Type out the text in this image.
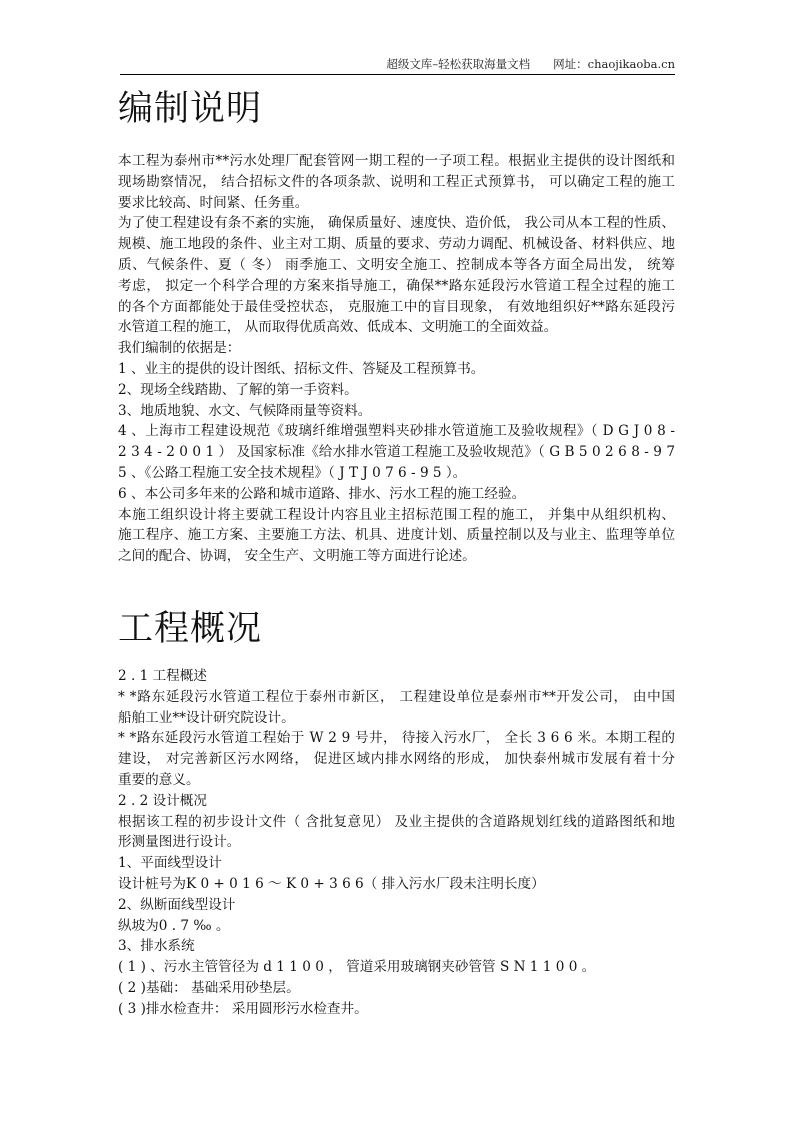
超级文库–轻松获取海量文档　　网址：chaojikaoba.cn
编制说明
本工程为泰州市**污水处理厂配套管网一期工程的一子项工程。根据业主提供的设计图纸和
现场勘察情况， 结合招标文件的各项条款、说明和工程正式预算书， 可以确定工程的施工
要求比较高、时间紧、任务重。
为了使工程建设有条不紊的实施， 确保质量好、速度快、造价低， 我公司从本工程的性质、
规模、施工地段的条件、业主对工期、质量的要求、劳动力调配、机械设备、材料供应、地
质、气候条件、夏（ 冬） 雨季施工、文明安全施工、控制成本等各方面全局出发， 统筹
考虑， 拟定一个科学合理的方案来指导施工，确保**路东延段污水管道工程全过程的施工
的各个方面都能处于最佳受控状态， 克服施工中的盲目现象， 有效地组织好**路东延段污
水管道工程的施工， 从而取得优质高效、低成本、文明施工的全面效益。
我们编制的依据是：
1 、业主的提供的设计图纸、招标文件、答疑及工程预算书。
2、现场全线踏勘、了解的第一手资料。
3、地质地貌、水文、气候降雨量等资料。
4 、上海市工程建设规范《玻璃纤维增强塑料夹砂排水管道施工及验收规程》（ D G J 0 8 -
2 3 4 - 2 0 0 1 ） 及国家标准《给水排水管道工程施工及验收规范》（ G B 5 0 2 6 8 - 9 7
5 、《公路工程施工安全技术规程》（ J T J 0 7 6 - 9 5 ）。
6 、本公司多年来的公路和城市道路、排水、污水工程的施工经验。
本施工组织设计将主要就工程设计内容且业主招标范围工程的施工， 并集中从组织机构、
施工程序、施工方案、主要施工方法、机具、进度计划、质量控制以及与业主、监理等单位
之间的配合、协调， 安全生产、文明施工等方面进行论述。
工程概况
2 . 1 工程概述
* *路东延段污水管道工程位于泰州市新区， 工程建设单位是泰州市**开发公司， 由中国
船舶工业**设计研究院设计。
* *路东延段污水管道工程始于 W 2 9 号井， 待接入污水厂， 全长 3 6 6 米。本期工程的
建设， 对完善新区污水网络， 促进区域内排水网络的形成， 加快泰州城市发展有着十分
重要的意义。
2 . 2 设计概况
根据该工程的初步设计文件（ 含批复意见） 及业主提供的含道路规划红线的道路图纸和地
形测量图进行设计。
1、平面线型设计
设计桩号为K 0 + 0 1 6 ～ K 0 + 3 6 6（ 排入污水厂段未注明长度）
2、纵断面线型设计
纵坡为0 . 7 ‰ 。
3、排水系统
( 1 ) 、污水主管管径为 d 1 1 0 0 ， 管道采用玻璃钢夹砂管管 S N 1 1 0 0 。
( 2 )基础： 基础采用砂垫层。
( 3 )排水检查井： 采用圆形污水检查井。
